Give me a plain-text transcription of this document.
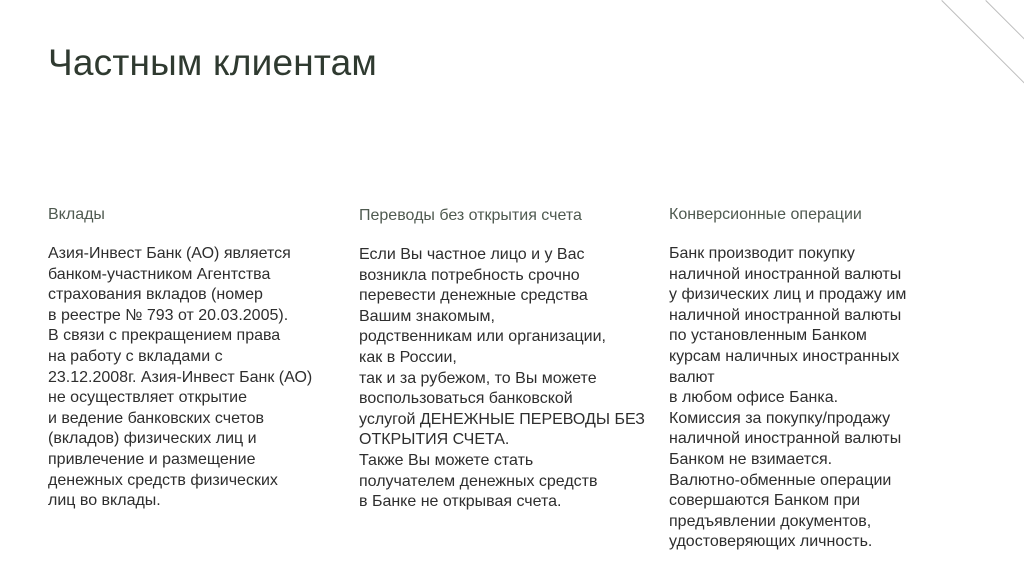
Частным клиентам
Вклады
Азия-Инвест Банк (АО) является
банком-участником Агентства
страхования вкладов (номер
в реестре № 793 от 20.03.2005).
В связи с прекращением права
на работу с вкладами с
23.12.2008г. Азия-Инвест Банк (АО)
не осуществляет открытие
и ведение банковских счетов
(вкладов) физических лиц и
привлечение и размещение
денежных средств физических
лиц во вклады.
Переводы без открытия счета
Если Вы частное лицо и у Вас
возникла потребность срочно
перевести денежные средства
Вашим знакомым,
родственникам или организации,
как в России,
так и за рубежом, то Вы можете
воспользоваться банковской
услугой ДЕНЕЖНЫЕ ПЕРЕВОДЫ БЕЗ
ОТКРЫТИЯ СЧЕТА.
Также Вы можете стать
получателем денежных средств
в Банке не открывая счета.
Конверсионные операции
Банк производит покупку
наличной иностранной валюты
у физических лиц и продажу им
наличной иностранной валюты
по установленным Банком
курсам наличных иностранных
валют
в любом офисе Банка.
Комиссия за покупку/продажу
наличной иностранной валюты
Банком не взимается.
Валютно-обменные операции
совершаются Банком при
предъявлении документов,
удостоверяющих личность.
